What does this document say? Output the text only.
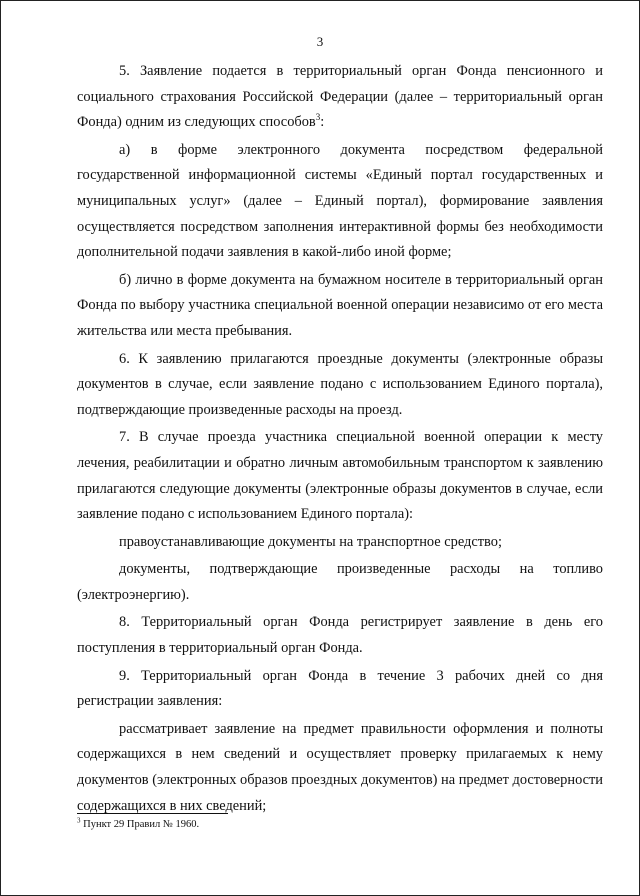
3

5. Заявление подается в территориальный орган Фонда пенсионного и социального страхования Российской Федерации (далее – территориальный орган Фонда) одним из следующих способов$^3$:

а) в форме электронного документа посредством федеральной государственной информационной системы «Единый портал государственных и муниципальных услуг» (далее – Единый портал), формирование заявления осуществляется посредством заполнения интерактивной формы без необходимости дополнительной подачи заявления в какой-либо иной форме;

б) лично в форме документа на бумажном носителе в территориальный орган Фонда по выбору участника специальной военной операции независимо от его места жительства или места пребывания.

6. К заявлению прилагаются проездные документы (электронные образы документов в случае, если заявление подано с использованием Единого портала), подтверждающие произведенные расходы на проезд.

7. В случае проезда участника специальной военной операции к месту лечения, реабилитации и обратно личным автомобильным транспортом к заявлению прилагаются следующие документы (электронные образы документов в случае, если заявление подано с использованием Единого портала):

правоустанавливающие документы на транспортное средство;

документы, подтверждающие произведенные расходы на топливо (электроэнергию).

8. Территориальный орган Фонда регистрирует заявление в день его поступления в территориальный орган Фонда.

9. Территориальный орган Фонда в течение 3 рабочих дней со дня регистрации заявления:

рассматривает заявление на предмет правильности оформления и полноты содержащихся в нем сведений и осуществляет проверку прилагаемых к нему документов (электронных образов проездных документов) на предмет достоверности содержащихся в них сведений;

$^3$ Пункт 29 Правил № 1960.
